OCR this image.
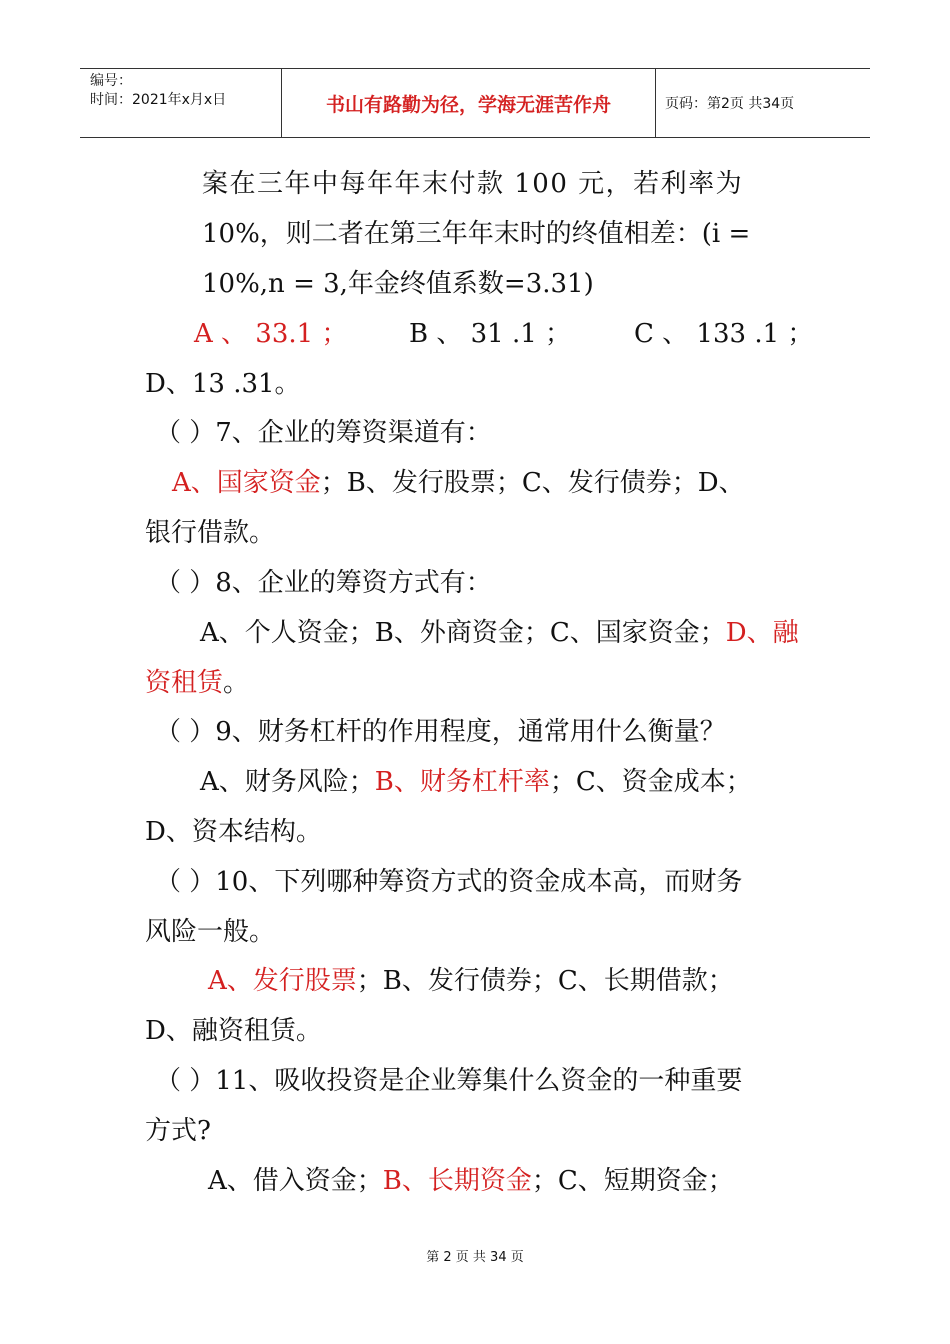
编号：
时间：2021年x月x日	书山有路勤为径，学海无涯苦作舟	页码：第2页 共34页
案在三年中每年年末付款 100 元，若利率为
10%，则二者在第三年年末时的终值相差：(i =
10%,n = 3,年金终值系数=3.31)
A 、 33.1 ； B 、 31 .1 ； C 、 133 .1 ；
D、13 .31。
（ ）7、企业的筹资渠道有：
A、国家资金；B、发行股票；C、发行债券；D、
银行借款。
（ ）8、企业的筹资方式有：
A、个人资金；B、外商资金；C、国家资金；D、融
资租赁。
（ ）9、财务杠杆的作用程度，通常用什么衡量？
A、财务风险；B、财务杠杆率；C、资金成本；
D、资本结构。
（ ）10、下列哪种筹资方式的资金成本高，而财务
风险一般。
A、发行股票；B、发行债券；C、长期借款；
D、融资租赁。
（ ）11、吸收投资是企业筹集什么资金的一种重要
方式?
A、借入资金；B、长期资金；C、短期资金；
第 2 页 共 34 页
